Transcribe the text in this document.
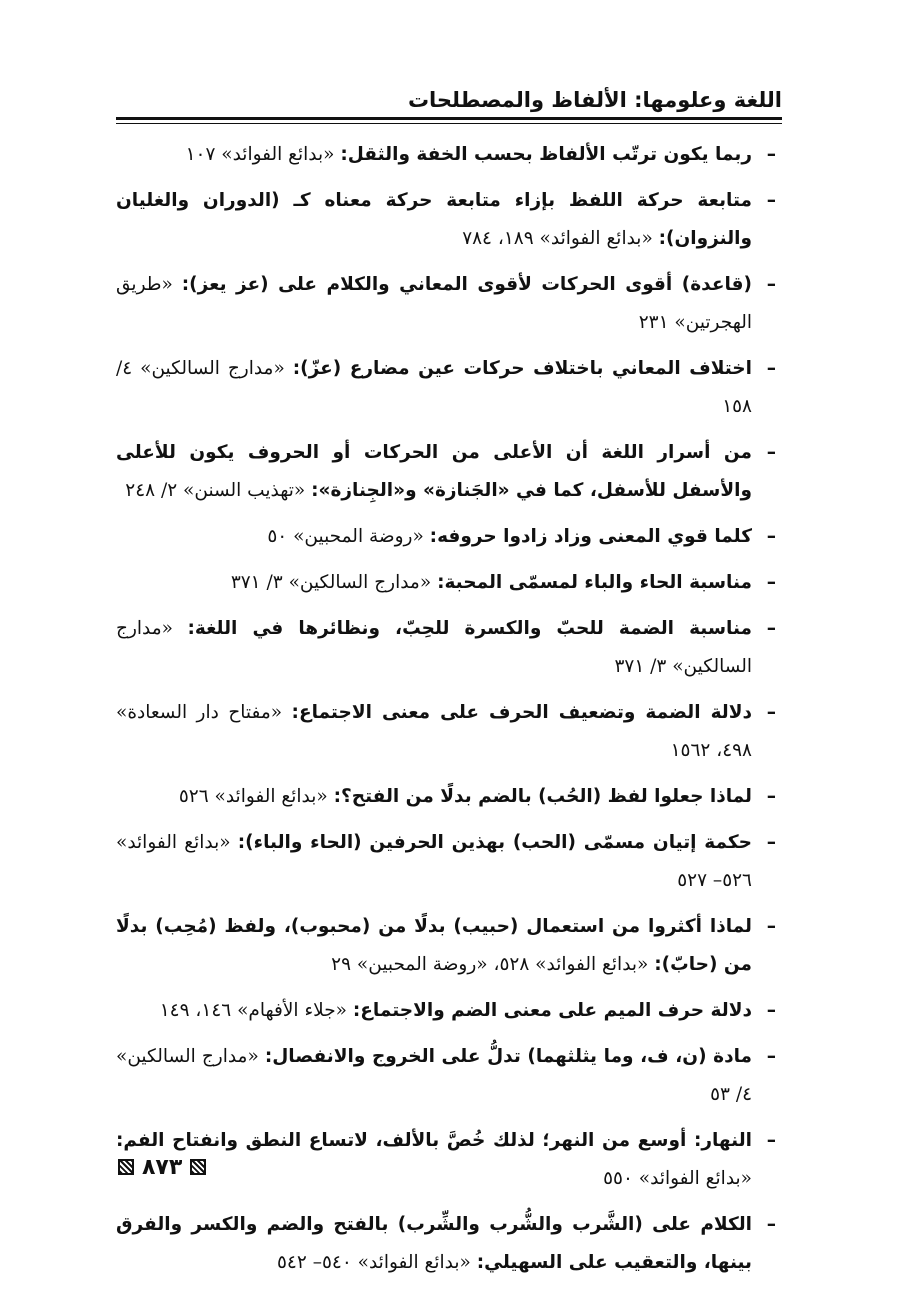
اللغة وعلومها: الألفاظ والمصطلحات
–
ربما يكون ترتّب الألفاظ بحسب الخفة والثقل: «بدائع الفوائد» ١٠٧
–
متابعة حركة اللفظ بإزاء متابعة حركة معناه كـ (الدوران والغليان والنزوان): «بدائع الفوائد» ١٨٩، ٧٨٤
–
(قاعدة) أقوى الحركات لأقوى المعاني والكلام على (عز يعز): «طريق الهجرتين» ٢٣١
–
اختلاف المعاني باختلاف حركات عين مضارع (عزّ): «مدارج السالكين» ٤/ ١٥٨
–
من أسرار اللغة أن الأعلى من الحركات أو الحروف يكون للأعلى والأسفل للأسفل، كما في «الجَنازة» و«الجِنازة»: «تهذيب السنن» ٢/ ٢٤٨
–
كلما قوي المعنى وزاد زادوا حروفه: «روضة المحبين» ٥٠
–
مناسبة الحاء والباء لمسمّى المحبة: «مدارج السالكين» ٣/ ٣٧١
–
مناسبة الضمة للحبّ والكسرة للحِبّ، ونظائرها في اللغة: «مدارج السالكين» ٣/ ٣٧١
–
دلالة الضمة وتضعيف الحرف على معنى الاجتماع: «مفتاح دار السعادة» ٤٩٨، ١٥٦٢
–
لماذا جعلوا لفظ (الحُب) بالضم بدلًا من الفتح؟: «بدائع الفوائد» ٥٢٦
–
حكمة إتيان مسمّى (الحب) بهذين الحرفين (الحاء والباء): «بدائع الفوائد» ٥٢٦– ٥٢٧
–
لماذا أكثروا من استعمال (حبيب) بدلًا من (محبوب)، ولفظ (مُحِب) بدلًا من (حابّ): «بدائع الفوائد» ٥٢٨، «روضة المحبين» ٢٩
–
دلالة حرف الميم على معنى الضم والاجتماع: «جلاء الأفهام» ١٤٦، ١٤٩
–
مادة (ن، ف، وما يثلثهما) تدلُّ على الخروج والانفصال: «مدارج السالكين» ٤/ ٥٣
–
النهار: أوسع من النهر؛ لذلك خُصَّ بالألف، لاتساع النطق وانفتاح الفم: «بدائع الفوائد» ٥٥٠
–
الكلام على (الشَّرب والشُّرب والشِّرب) بالفتح والضم والكسر والفرق بينها، والتعقيب على السهيلي: «بدائع الفوائد» ٥٤٠– ٥٤٢
٨٧٣
